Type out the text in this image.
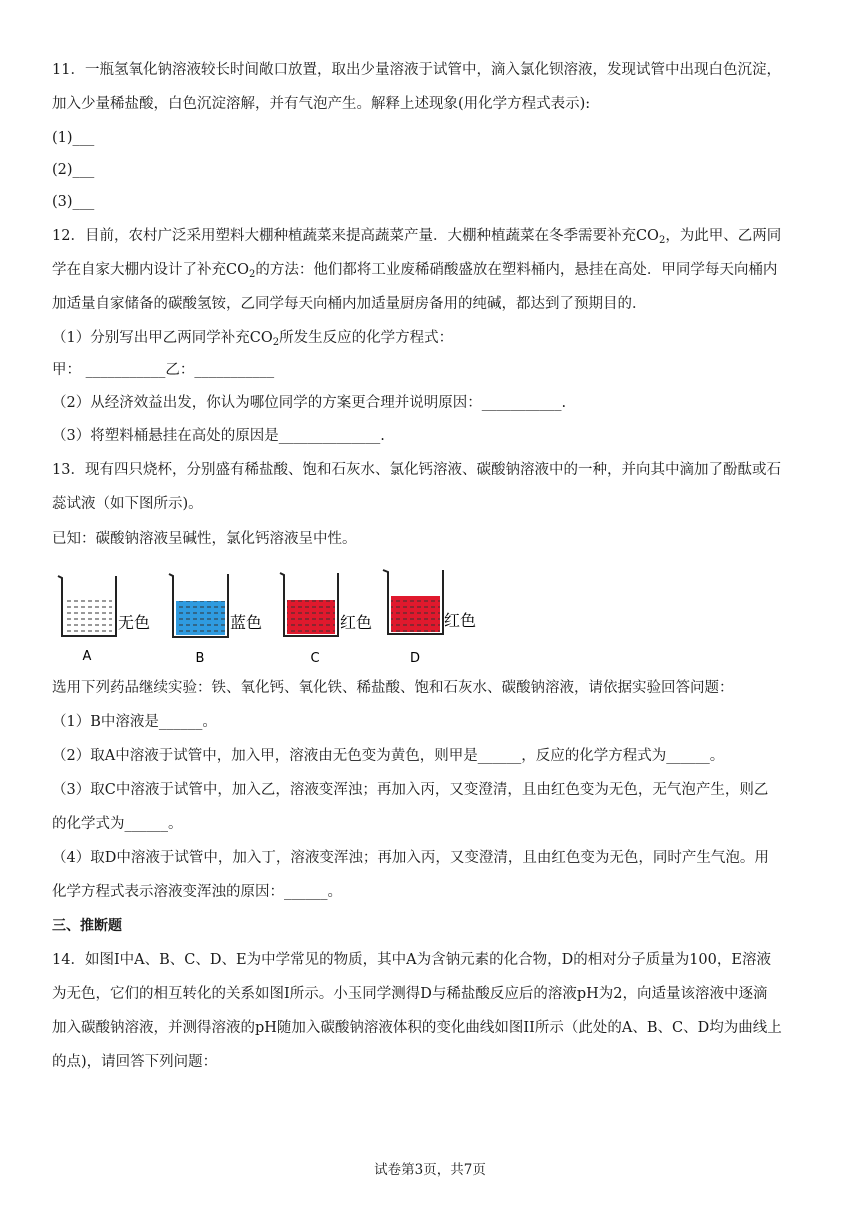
11．一瓶氢氧化钠溶液较长时间敞口放置，取出少量溶液于试管中，滴入氯化钡溶液，发现试管中出现白色沉淀，
加入少量稀盐酸，白色沉淀溶解，并有气泡产生。解释上述现象(用化学方程式表示):
(1)___
(2)___
(3)___
12．目前，农村广泛采用塑料大棚种植蔬菜来提高蔬菜产量．大棚种植蔬菜在冬季需要补充$CO_2$，为此甲、乙两同
学在自家大棚内设计了补充$CO_2$的方法：他们都将工业废稀硝酸盛放在塑料桶内，悬挂在高处．甲同学每天向桶内
加适量自家储备的碳酸氢铵，乙同学每天向桶内加适量厨房备用的纯碱，都达到了预期目的．
（1）分别写出甲乙两同学补充$CO_2$所发生反应的化学方程式：
甲： ___________乙：___________
（2）从经济效益出发，你认为哪位同学的方案更合理并说明原因：___________.
（3）将塑料桶悬挂在高处的原因是______________.
13．现有四只烧杯，分别盛有稀盐酸、饱和石灰水、氯化钙溶液、碳酸钠溶液中的一种，并向其中滴加了酚酞或石
蕊试液（如下图所示)。
已知：碳酸钠溶液呈碱性，氯化钙溶液呈中性。
无色
A
蓝色
B
红色
C
红色
D
选用下列药品继续实验：铁、氧化钙、氧化铁、稀盐酸、饱和石灰水、碳酸钠溶液，请依据实验回答问题：
（1）B中溶液是______。
（2）取A中溶液于试管中，加入甲，溶液由无色变为黄色，则甲是______，反应的化学方程式为______。
（3）取C中溶液于试管中，加入乙，溶液变浑浊；再加入丙，又变澄清，且由红色变为无色，无气泡产生，则乙
的化学式为______。
（4）取D中溶液于试管中，加入丁，溶液变浑浊；再加入丙，又变澄清，且由红色变为无色，同时产生气泡。用
化学方程式表示溶液变浑浊的原因：______。
三、推断题
14．如图I中A、B、C、D、E为中学常见的物质，其中A为含钠元素的化合物，D的相对分子质量为100，E溶液
为无色，它们的相互转化的关系如图I所示。小玉同学测得D与稀盐酸反应后的溶液pH为2，向适量该溶液中逐滴
加入碳酸钠溶液，并测得溶液的pH随加入碳酸钠溶液体积的变化曲线如图II所示（此处的A、B、C、D均为曲线上
的点)，请回答下列问题：
试卷第3页，共7页
